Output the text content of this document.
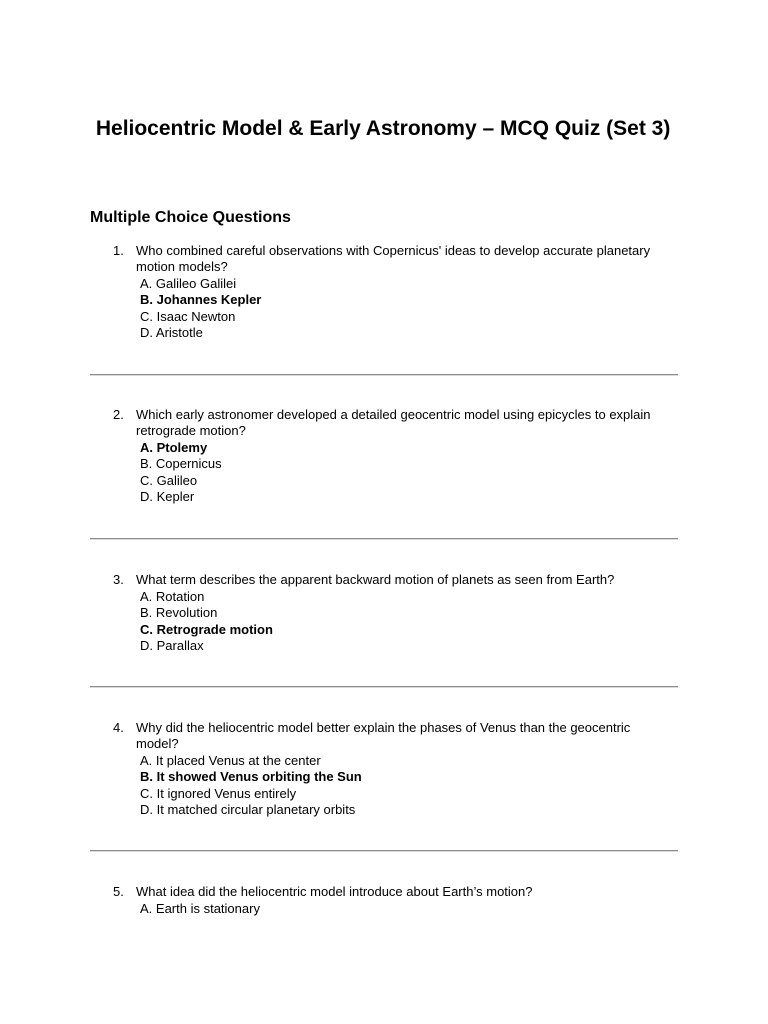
Heliocentric Model & Early Astronomy – MCQ Quiz (Set 3)
Multiple Choice Questions
1. Who combined careful observations with Copernicus' ideas to develop accurate planetary motion models?

A. Galileo Galilei
B. Johannes Kepler
C. Isaac Newton
D. Aristotle
2. Which early astronomer developed a detailed geocentric model using epicycles to explain retrograde motion?

A. Ptolemy
B. Copernicus
C. Galileo
D. Kepler
3. What term describes the apparent backward motion of planets as seen from Earth?

A. Rotation
B. Revolution
C. Retrograde motion
D. Parallax
4. Why did the heliocentric model better explain the phases of Venus than the geocentric model?

A. It placed Venus at the center
B. It showed Venus orbiting the Sun
C. It ignored Venus entirely
D. It matched circular planetary orbits
5. What idea did the heliocentric model introduce about Earth’s motion?

A. Earth is stationary
